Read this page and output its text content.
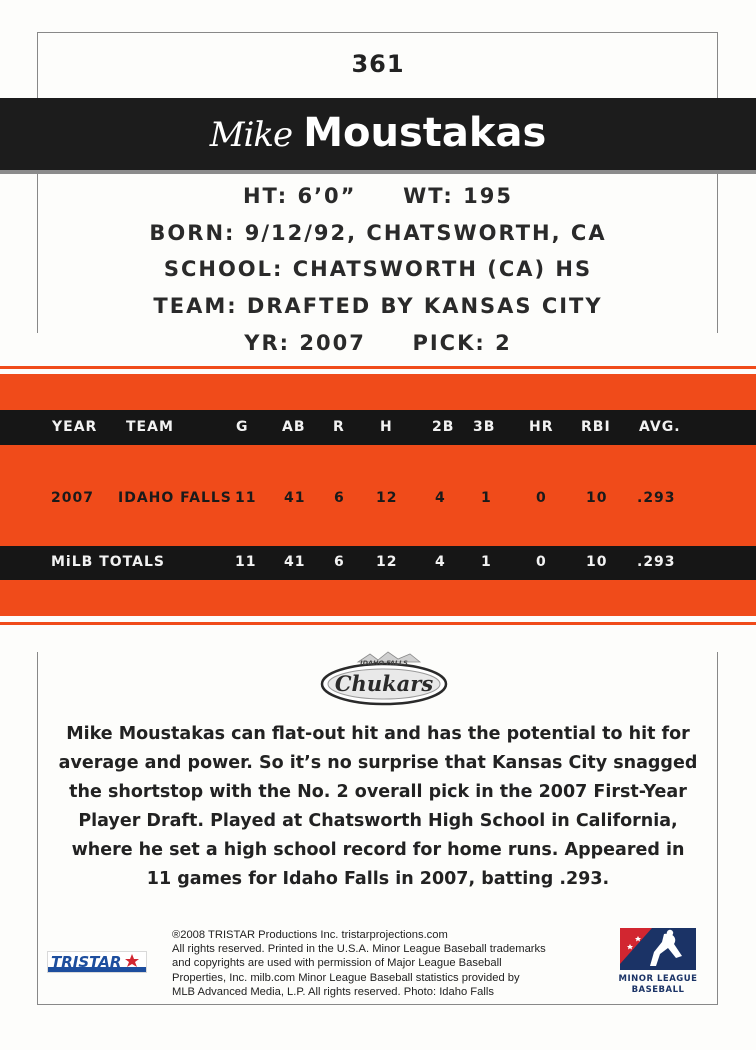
361
Mike Moustakas
HT: 6’0” WT: 195
BORN: 9/12/92, CHATSWORTH, CA
SCHOOL: CHATSWORTH (CA) HS
TEAM: DRAFTED BY KANSAS CITY
YR: 2007 PICK: 2
YEAR TEAM	G AB R	H	2B 3B HR RBI AVG.
2007 IDAHO FALLS 11 41 6 12	4	1	0	10 .293
MiLB TOTALS	11 41 6 12	4	1	0	10 .293
IDAHO FALLS
Chukars
Mike Moustakas can flat-out hit and has the potential to hit for
average and power. So it’s no surprise that Kansas City snagged
the shortstop with the No. 2 overall pick in the 2007 First-Year
Player Draft. Played at Chatsworth High School in California,
where he set a high school record for home runs. Appeared in
11 games for Idaho Falls in 2007, batting .293.
TRISTAR
®2008 TRISTAR Productions Inc. tristarprojections.com
All rights reserved. Printed in the U.S.A. Minor League Baseball trademarks
and copyrights are used with permission of Major League Baseball
Properties, Inc. milb.com Minor League Baseball statistics provided by
MLB Advanced Media, L.P. All rights reserved. Photo: Idaho Falls
MINOR LEAGUE
BASEBALL
